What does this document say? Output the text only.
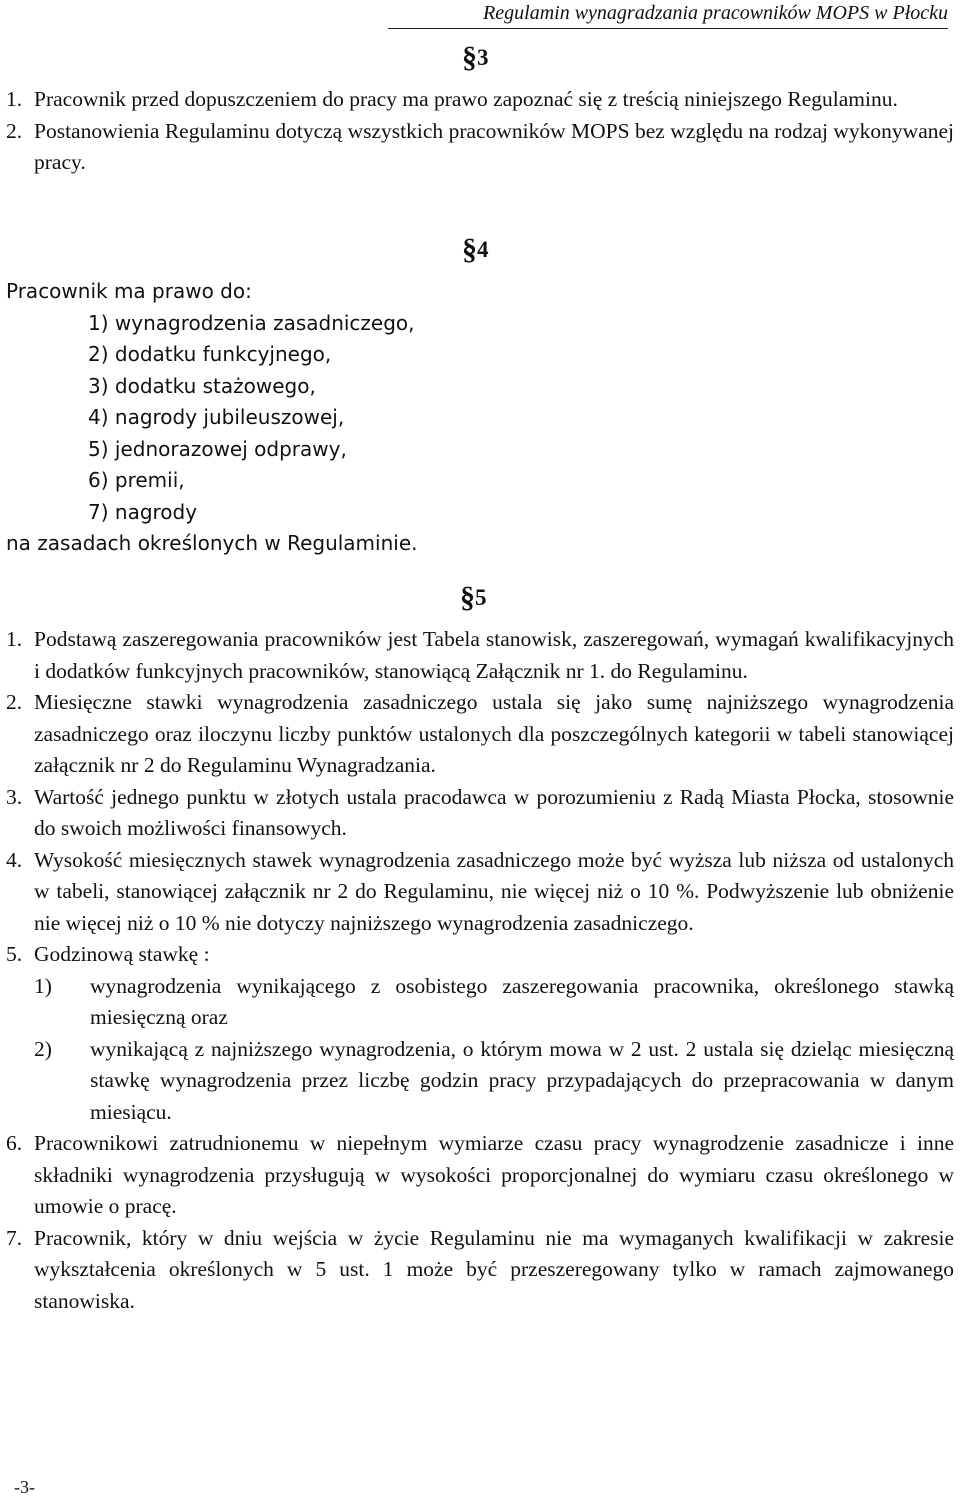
Regulamin wynagradzania pracowników MOPS w Płocku
§3
1. Pracownik przed dopuszczeniem do pracy ma prawo zapoznać się z treścią niniejszego Regulaminu.
2. Postanowienia Regulaminu dotyczą wszystkich pracowników MOPS bez względu na rodzaj wykonywanej pracy.
§4
Pracownik ma prawo do:
1) wynagrodzenia zasadniczego,
2) dodatku funkcyjnego,
3) dodatku stażowego,
4) nagrody jubileuszowej,
5) jednorazowej odprawy,
6) premii,
7) nagrody
na zasadach określonych w Regulaminie.
§5
1. Podstawą zaszeregowania pracowników jest Tabela stanowisk, zaszeregowań, wymagań kwalifikacyjnych i dodatków funkcyjnych pracowników, stanowiącą Załącznik nr 1. do Regulaminu.
2. Miesięczne stawki wynagrodzenia zasadniczego ustala się jako sumę najniższego wynagrodzenia zasadniczego oraz iloczynu liczby punktów ustalonych dla poszczególnych kategorii w tabeli stanowiącej załącznik nr 2 do Regulaminu Wynagradzania.
3. Wartość jednego punktu w złotych ustala pracodawca w porozumieniu z Radą Miasta Płocka, stosownie do swoich możliwości finansowych.
4. Wysokość miesięcznych stawek wynagrodzenia zasadniczego może być wyższa lub niższa od ustalonych w tabeli, stanowiącej załącznik nr 2 do Regulaminu, nie więcej niż o 10 %. Podwyższenie lub obniżenie nie więcej niż o 10 % nie dotyczy najniższego wynagrodzenia zasadniczego.
5. Godzinową stawkę :
1) wynagrodzenia wynikającego z osobistego zaszeregowania pracownika, określonego stawką miesięczną oraz
2) wynikającą z najniższego wynagrodzenia, o którym mowa w 2 ust. 2 ustala się dzieląc miesięczną stawkę wynagrodzenia przez liczbę godzin pracy przypadających do przepracowania w danym miesiącu.
6. Pracownikowi zatrudnionemu w niepełnym wymiarze czasu pracy wynagrodzenie zasadnicze i inne składniki wynagrodzenia przysługują w wysokości proporcjonalnej do wymiaru czasu określonego w umowie o pracę.
7. Pracownik, który w dniu wejścia w życie Regulaminu nie ma wymaganych kwalifikacji w zakresie wykształcenia określonych w 5 ust. 1 może być przeszeregowany tylko w ramach zajmowanego stanowiska.
-3-
